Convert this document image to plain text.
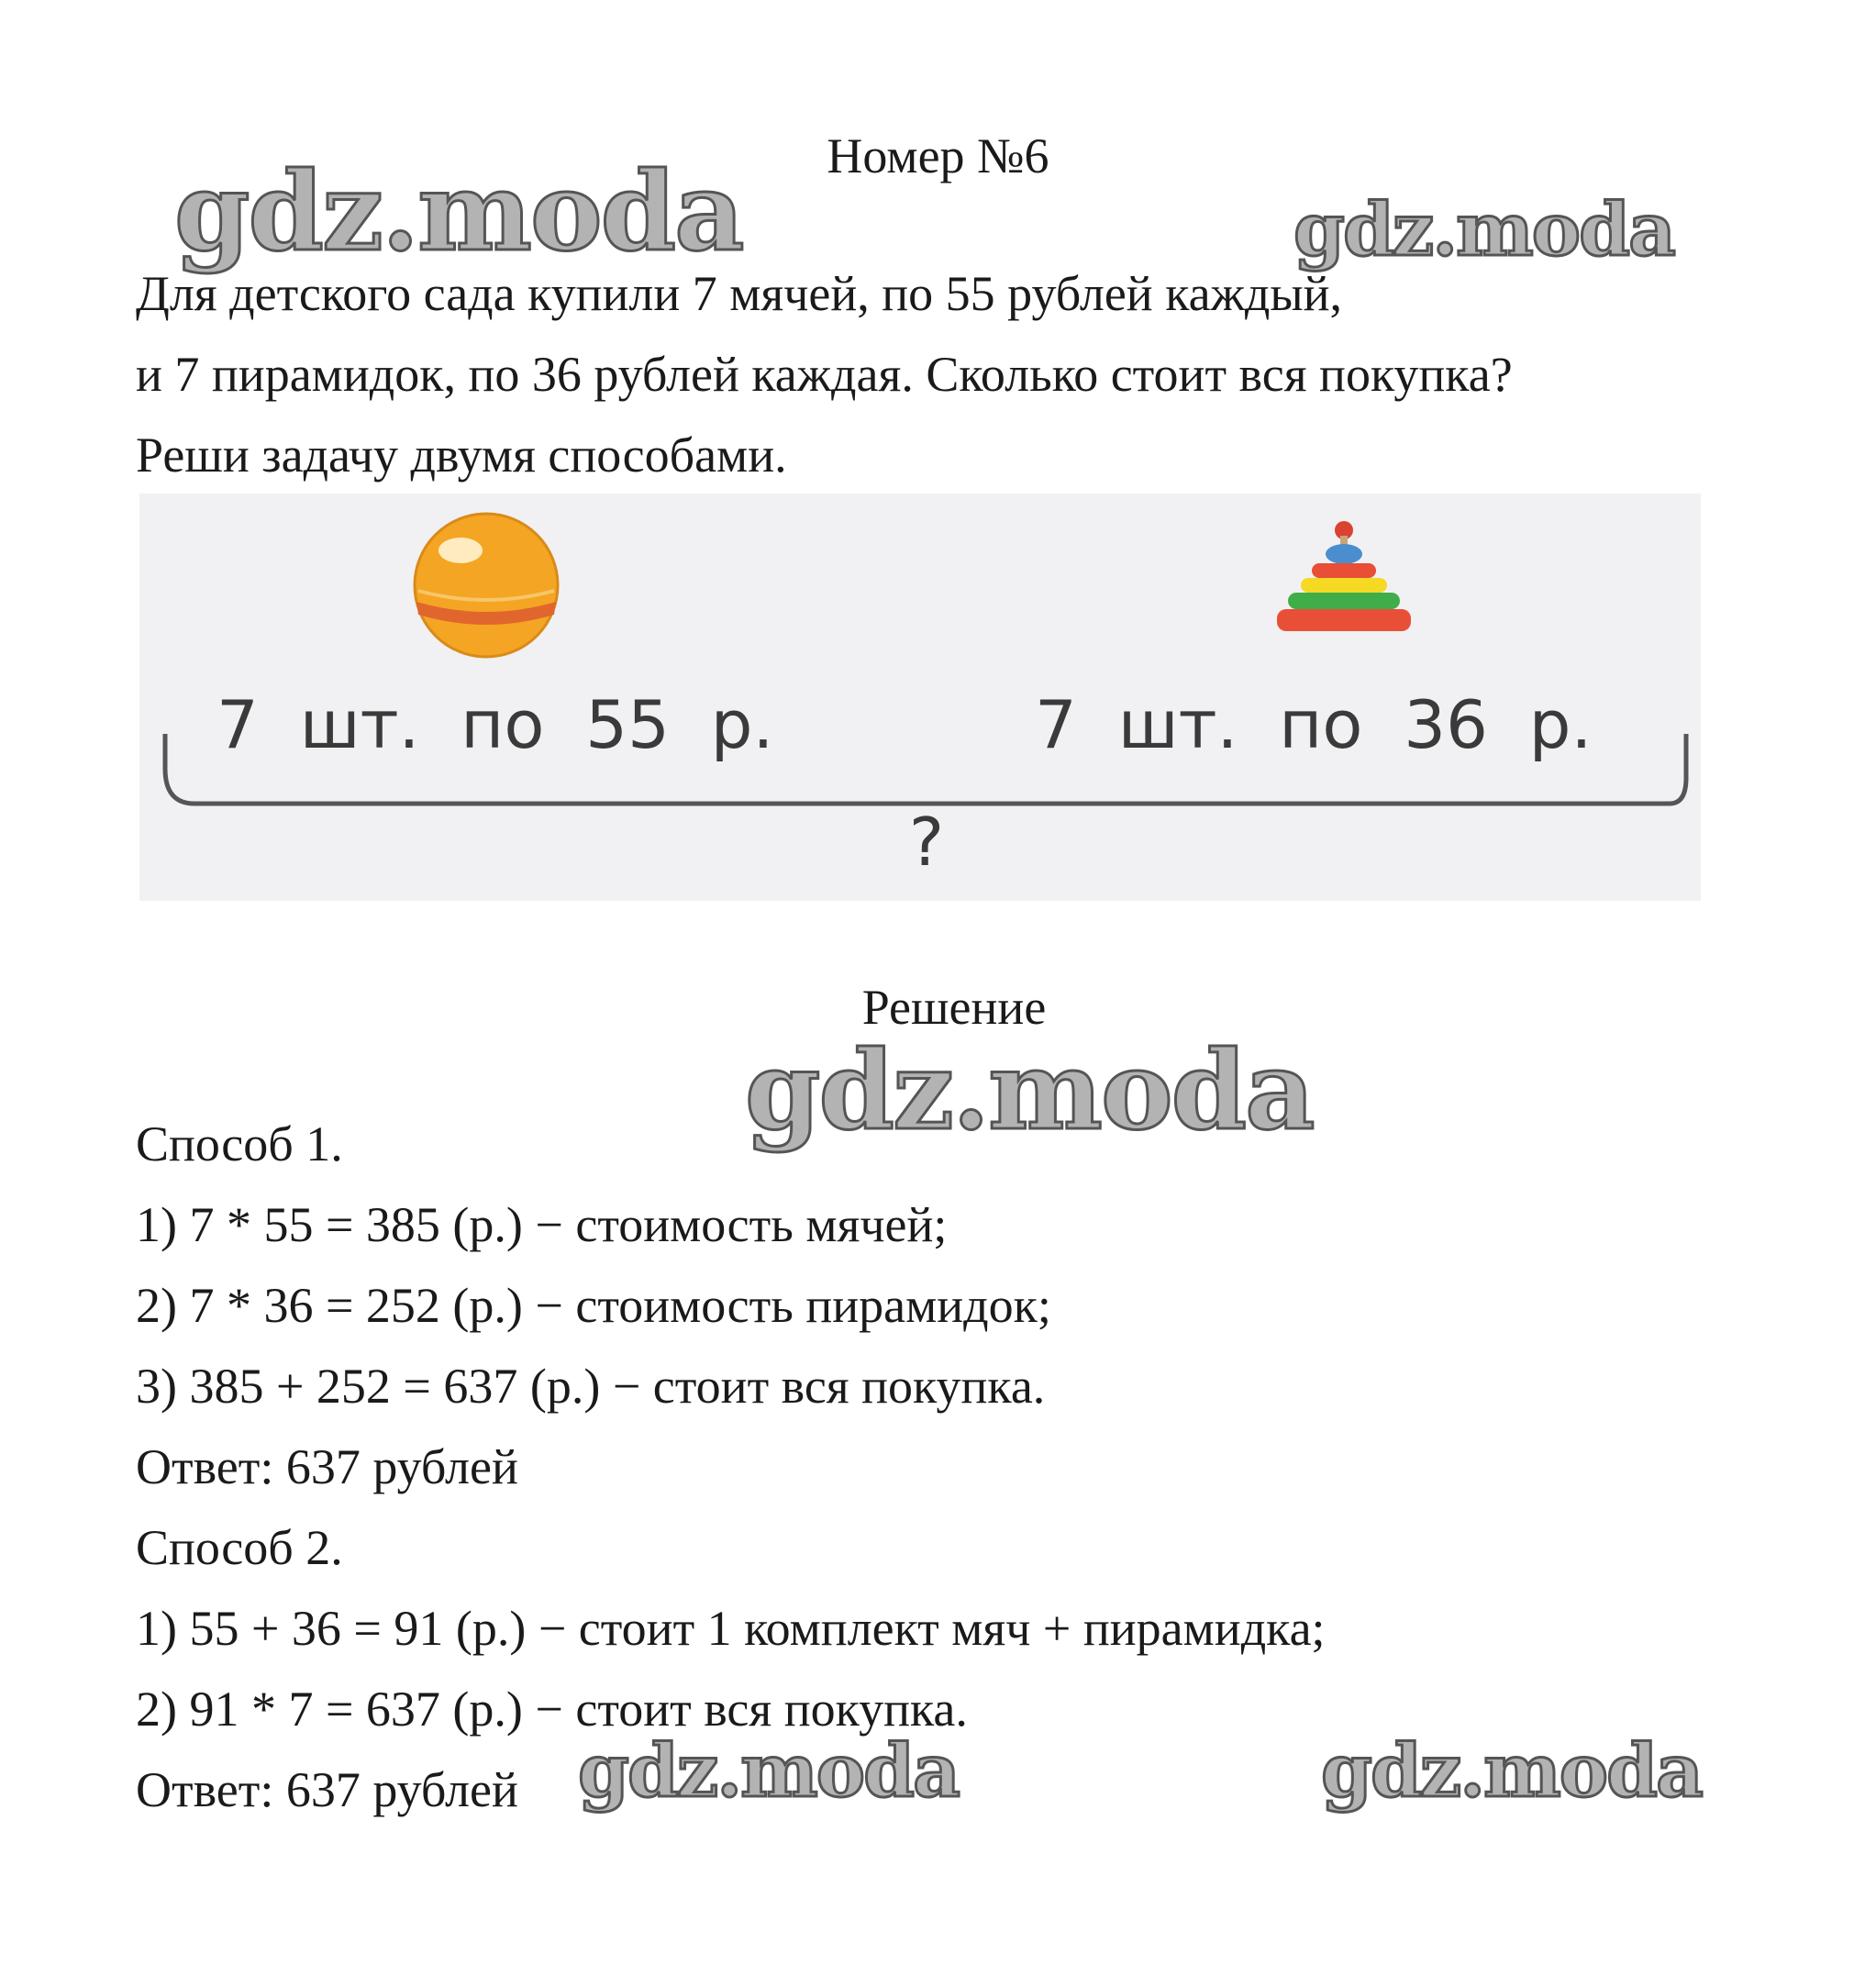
Номер №6
gdz.moda	gdz.moda
Для детского сада купили 7 мячей, по 55 рублей каждый,
и 7 пирамидок, по 36 рублей каждая. Сколько стоит вся покупка?
Реши задачу двумя способами.
7 шт. по 55 р.	7 шт. по 36 р.
?
Решение
gdz.moda
Способ 1.
1) 7 * 55 = 385 (р.) − стоимость мячей;
2) 7 * 36 = 252 (р.) − стоимость пирамидок;
3) 385 + 252 = 637 (р.) − стоит вся покупка.
Ответ: 637 рублей
Способ 2.
1) 55 + 36 = 91 (р.) − стоит 1 комплект мяч + пирамидка;
2) 91 * 7 = 637 (р.) − стоит вся покупка.
Ответ: 637 рублей gdz.moda	gdz.moda
